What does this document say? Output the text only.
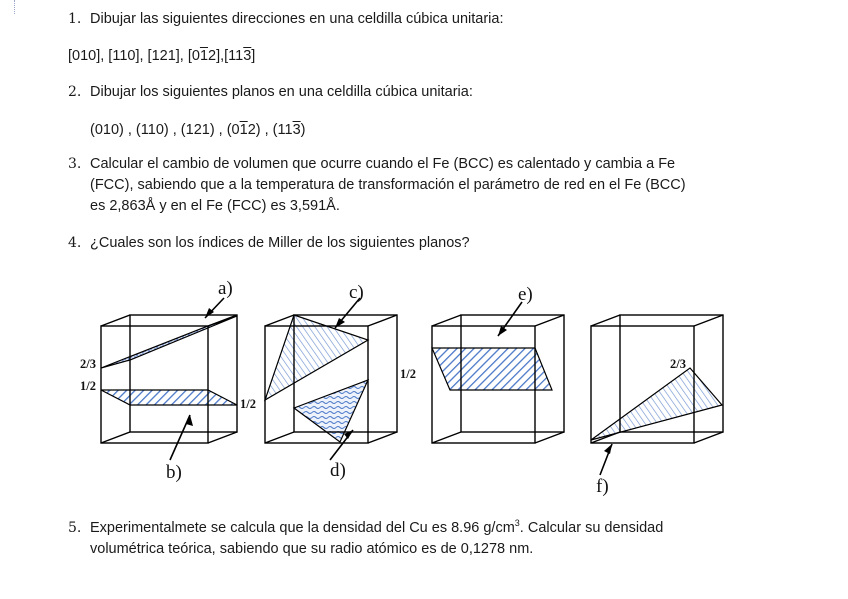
1. Dibujar las siguientes direcciones en una celdilla cúbica unitaria:
[010], [110], [121], [012],[113]
2. Dibujar los siguientes planos en una celdilla cúbica unitaria:
(010) , (110) , (121) , (012) , (113)
3. Calcular el cambio de volumen que ocurre cuando el Fe (BCC) es calentado y cambia a Fe
(FCC), sabiendo que a la temperatura de transformación el parámetro de red en el Fe (BCC)
es 2,863Å y en el Fe (FCC) es 3,591Å.
4. ¿Cuales son los índices de Miller de los siguientes planos?
2/3
1/2
a)
b)
1/2
c)
d)
1/2
e)
2/3
f)
5. Experimentalmete se calcula que la densidad del Cu es 8.96 $g/cm^3$. Calcular su densidad
volumétrica teórica, sabiendo que su radio atómico es de 0,1278 nm.
